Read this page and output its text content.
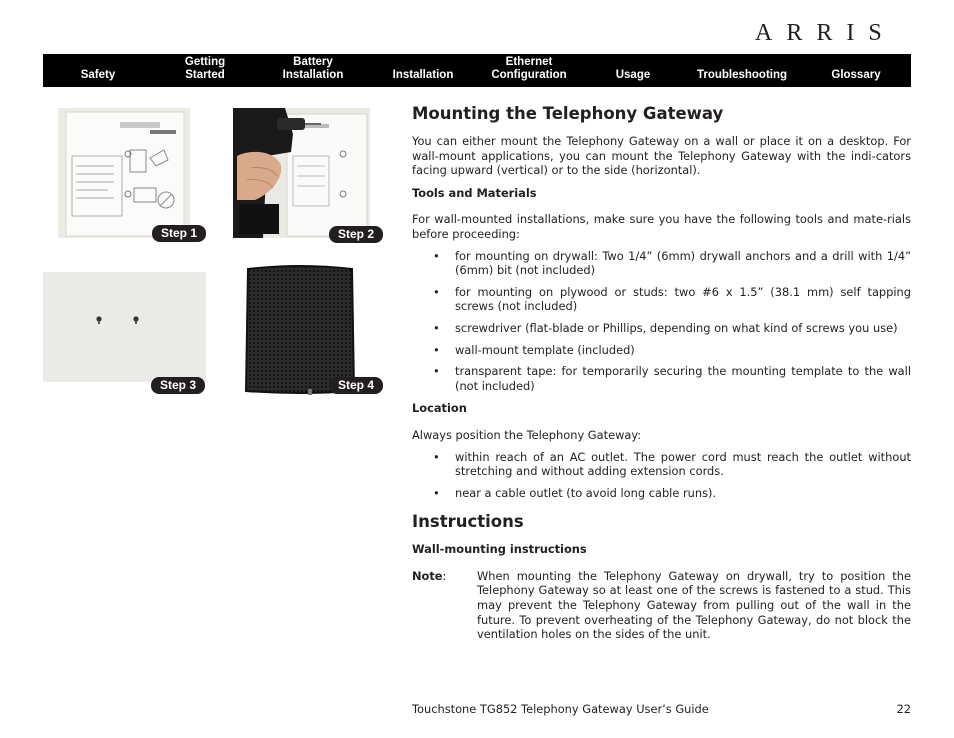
ARRIS
Safety
Getting
Started
Battery
Installation	Installation
Ethernet
Configuration	Usage	Troubleshooting	Glossary
Step 1	Step 2
Step 3	Step 4
Mounting the Telephony Gateway

You can either mount the Telephony Gateway on a wall or place it on a desktop. For wall-mount applications, you can mount the Telephony Gateway with the indi-cators facing upward (vertical) or to the side (horizontal).

Tools and Materials

For wall-mounted installations, make sure you have the following tools and mate-rials before proceeding:

• for mounting on drywall: Two 1/4” (6mm) drywall anchors and a drill with 1/4” (6mm) bit (not included)
• for mounting on plywood or studs: two #6 x 1.5” (38.1 mm) self tapping screws (not included)
• screwdriver (flat-blade or Phillips, depending on what kind of screws you use)
• wall-mount template (included)
• transparent tape: for temporarily securing the mounting template to the wall (not included)
Location

Always position the Telephony Gateway:

• within reach of an AC outlet. The power cord must reach the outlet without stretching and without adding extension cords.
• near a cable outlet (to avoid long cable runs).
Instructions
Wall-mounting instructions
Note:	When mounting the Telephony Gateway on drywall, try to position the Telephony Gateway so at least one of the screws is fastened to a stud. This may prevent the Telephony Gateway from pulling out of the wall in the future. To prevent overheating of the Telephony Gateway, do not block the ventilation holes on the sides of the unit.
Touchstone TG852 Telephony Gateway User’s Guide	22
